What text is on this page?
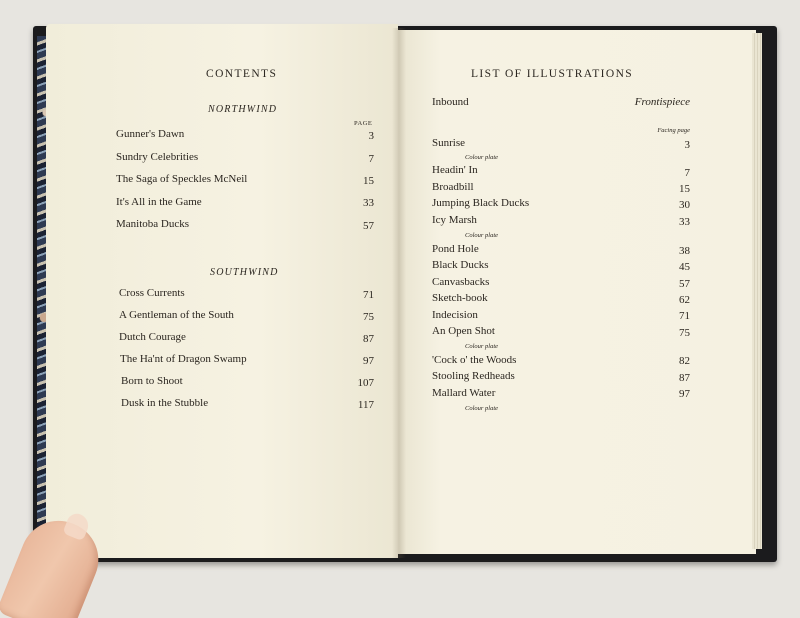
CONTENTS
NORTHWIND
PAGE
Gunner's Dawn	3
Sundry Celebrities	7
The Saga of Speckles McNeil	15
It's All in the Game	33
Manitoba Ducks	57
SOUTHWIND
Cross Currents	71
A Gentleman of the South	75
Dutch Courage	87
The Ha'nt of Dragon Swamp	97
Born to Shoot	107
Dusk in the Stubble	117
LIST OF ILLUSTRATIONS
Inbound	Frontispiece
Facing page
Sunrise	3
Colour plate
Headin' In	7
Broadbill	15
Jumping Black Ducks	30
Icy Marsh	33
Colour plate
Pond Hole	38
Black Ducks	45
Canvasbacks	57
Sketch-book	62
Indecision	71
An Open Shot	75
Colour plate
'Cock o' the Woods	82
Stooling Redheads	87
Mallard Water	97
Colour plate
